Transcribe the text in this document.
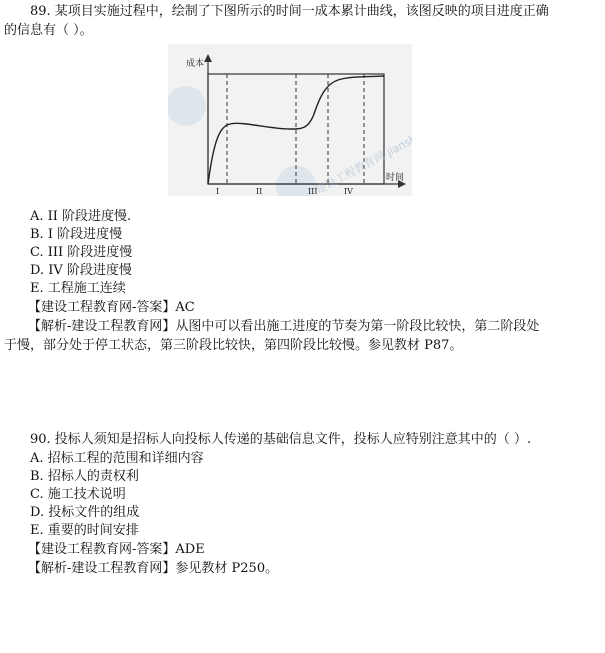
89. 某项目实施过程中，绘制了下图所示的时间一成本累计曲线，该图反映的项目进度正确
的信息有（ ）。
成本
时间
I	II	III	IV
A. II 阶段进度慢.
B. I 阶段进度慢
C. III 阶段进度慢
D. IV 阶段进度慢
E. 工程施工连续
【建设工程教育网-答案】AC
【解析-建设工程教育网】从图中可以看出施工进度的节奏为第一阶段比较快，第二阶段处
于慢，部分处于停工状态，第三阶段比较快，第四阶段比较慢。参见教材 P87。
90. 投标人须知是招标人向投标人传递的基础信息文件，投标人应特别注意其中的（ ）.
A. 招标工程的范围和详细内容
B. 招标人的责权利
C. 施工技术说明
D. 投标文件的组成
E. 重要的时间安排
【建设工程教育网-答案】ADE
【解析-建设工程教育网】参见教材 P250。
